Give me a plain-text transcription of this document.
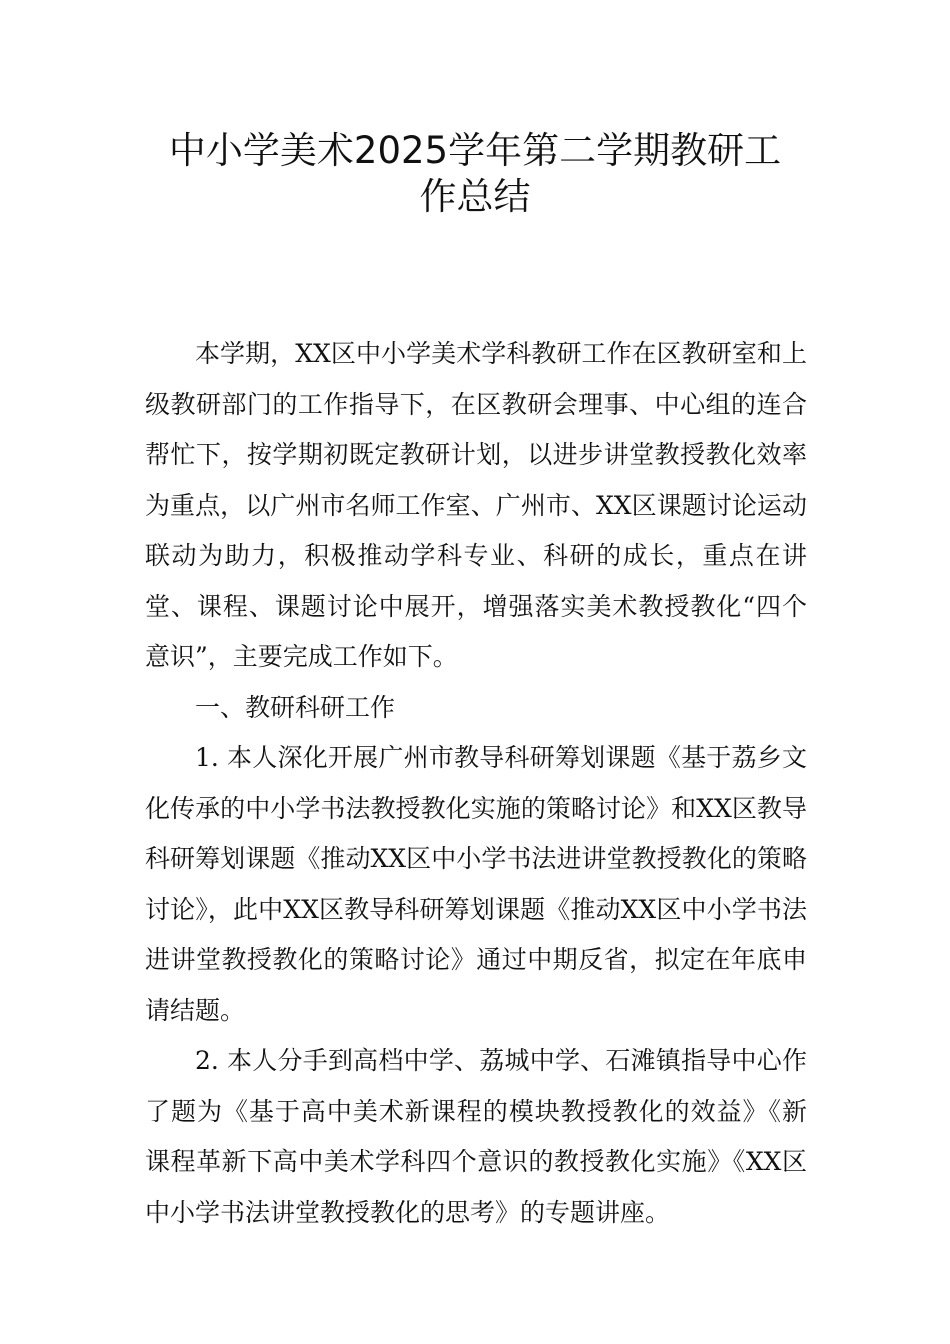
中小学美术2025学年第二学期教研工
作总结

本学期，XX区中小学美术学科教研工作在区教研室和上级教研部门的工作指导下，在区教研会理事、中心组的连合帮忙下，按学期初既定教研计划，以进步讲堂教授教化效率为重点，以广州市名师工作室、广州市、XX区课题讨论运动联动为助力，积极推动学科专业、科研的成长，重点在讲堂、课程、课题讨论中展开，增强落实美术教授教化“四个意识”，主要完成工作如下。

一、教研科研工作

1. 本人深化开展广州市教导科研筹划课题《基于荔乡文化传承的中小学书法教授教化实施的策略讨论》和XX区教导科研筹划课题《推动XX区中小学书法进讲堂教授教化的策略讨论》，此中XX区教导科研筹划课题《推动XX区中小学书法进讲堂教授教化的策略讨论》通过中期反省，拟定在年底申请结题。

2. 本人分手到高档中学、荔城中学、石滩镇指导中心作了题为《基于高中美术新课程的模块教授教化的效益》《新课程革新下高中美术学科四个意识的教授教化实施》《XX区中小学书法讲堂教授教化的思考》的专题讲座。
